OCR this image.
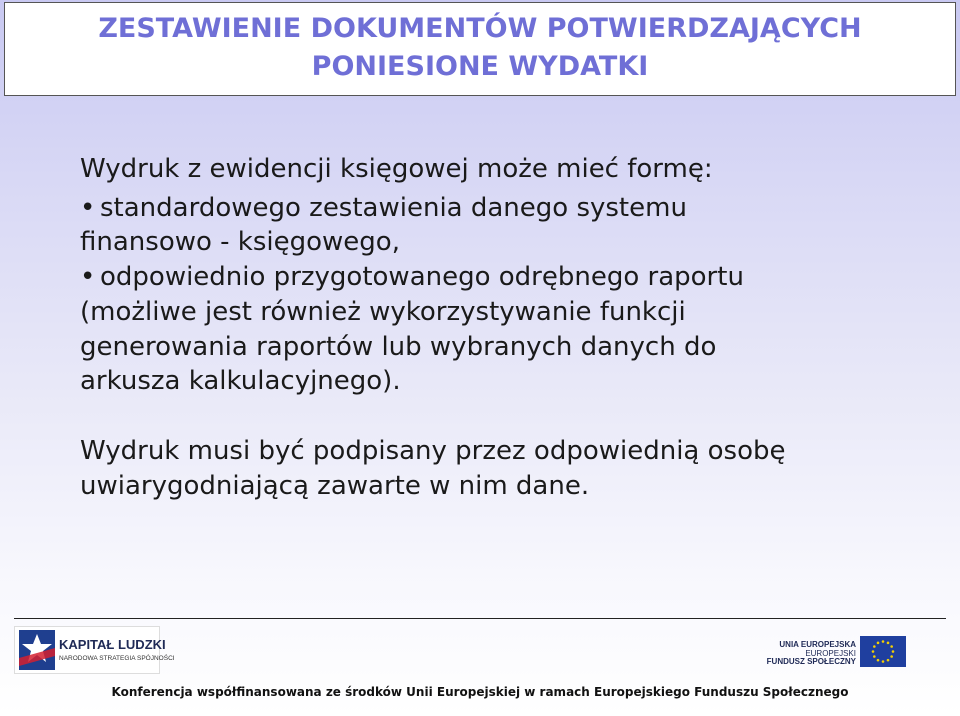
ZESTAWIENIE DOKUMENTÓW POTWIERDZAJĄCYCH
PONIESIONE WYDATKI
Wydruk z ewidencji księgowej może mieć formę:
• standardowego zestawienia danego systemu
finansowo - księgowego,
• odpowiednio przygotowanego odrębnego raportu
(możliwe jest również wykorzystywanie funkcji
generowania raportów lub wybranych danych do
arkusza kalkulacyjnego).
Wydruk musi być podpisany przez odpowiednią osobę
uwiarygodniającą zawarte w nim dane.
KAPITAŁ LUDZKI
NARODOWA STRATEGIA SPÓJNOŚCI
UNIA EUROPEJSKA
EUROPEJSKI
FUNDUSZ SPOŁECZNY
Konferencja współfinansowana ze środków Unii Europejskiej w ramach Europejskiego Funduszu Społecznego
